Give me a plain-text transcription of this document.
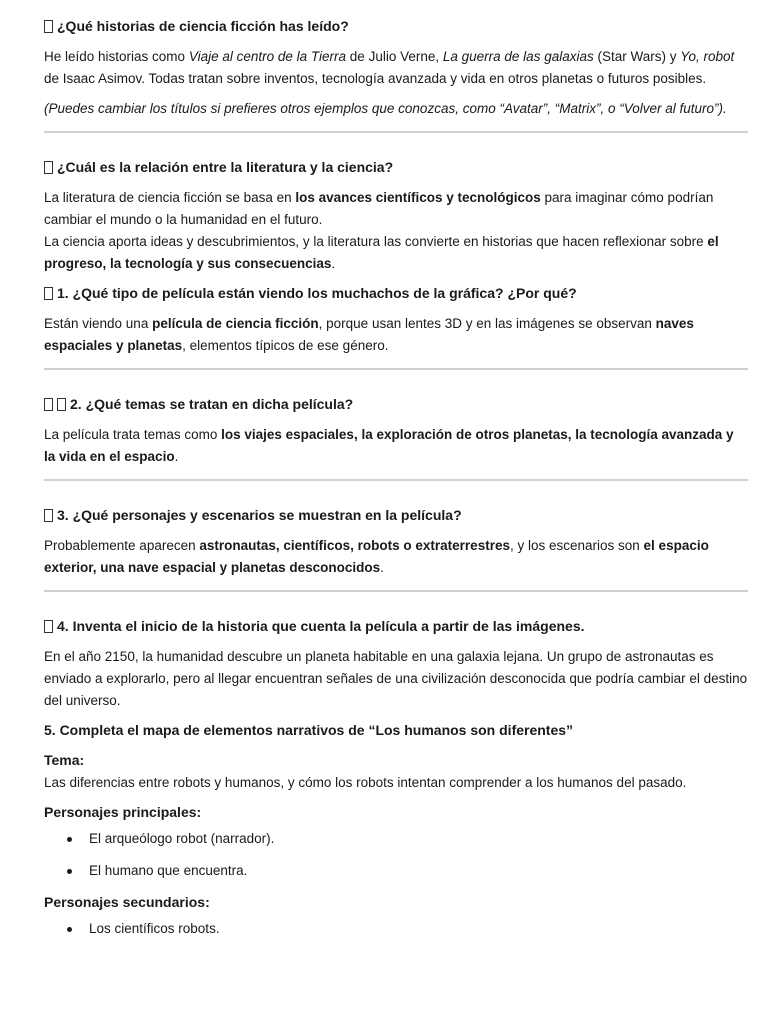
¿Qué historias de ciencia ficción has leído?

He leído historias como Viaje al centro de la Tierra de Julio Verne, La guerra de las galaxias (Star Wars) y Yo, robot de Isaac Asimov. Todas tratan sobre inventos, tecnología avanzada y vida en otros planetas o futuros posibles.

(Puedes cambiar los títulos si prefieres otros ejemplos que conozcas, como “Avatar”, “Matrix”, o “Volver al futuro”).

¿Cuál es la relación entre la literatura y la ciencia?

La literatura de ciencia ficción se basa en los avances científicos y tecnológicos para imaginar cómo podrían cambiar el mundo o la humanidad en el futuro.

La ciencia aporta ideas y descubrimientos, y la literatura las convierte en historias que hacen reflexionar sobre el progreso, la tecnología y sus consecuencias.

1. ¿Qué tipo de película están viendo los muchachos de la gráfica? ¿Por qué?

Están viendo una película de ciencia ficción, porque usan lentes 3D y en las imágenes se observan naves espaciales y planetas, elementos típicos de ese género.

2. ¿Qué temas se tratan en dicha película?

La película trata temas como los viajes espaciales, la exploración de otros planetas, la tecnología avanzada y la vida en el espacio.

3. ¿Qué personajes y escenarios se muestran en la película?

Probablemente aparecen astronautas, científicos, robots o extraterrestres, y los escenarios son el espacio exterior, una nave espacial y planetas desconocidos.

4. Inventa el inicio de la historia que cuenta la película a partir de las imágenes.

En el año 2150, la humanidad descubre un planeta habitable en una galaxia lejana. Un grupo de astronautas es enviado a explorarlo, pero al llegar encuentran señales de una civilización desconocida que podría cambiar el destino del universo.

5. Completa el mapa de elementos narrativos de “Los humanos son diferentes”
Tema:

Las diferencias entre robots y humanos, y cómo los robots intentan comprender a los humanos del pasado.

Personajes principales:
El arqueólogo robot (narrador).
El humano que encuentra.
Personajes secundarios:
Los científicos robots.
